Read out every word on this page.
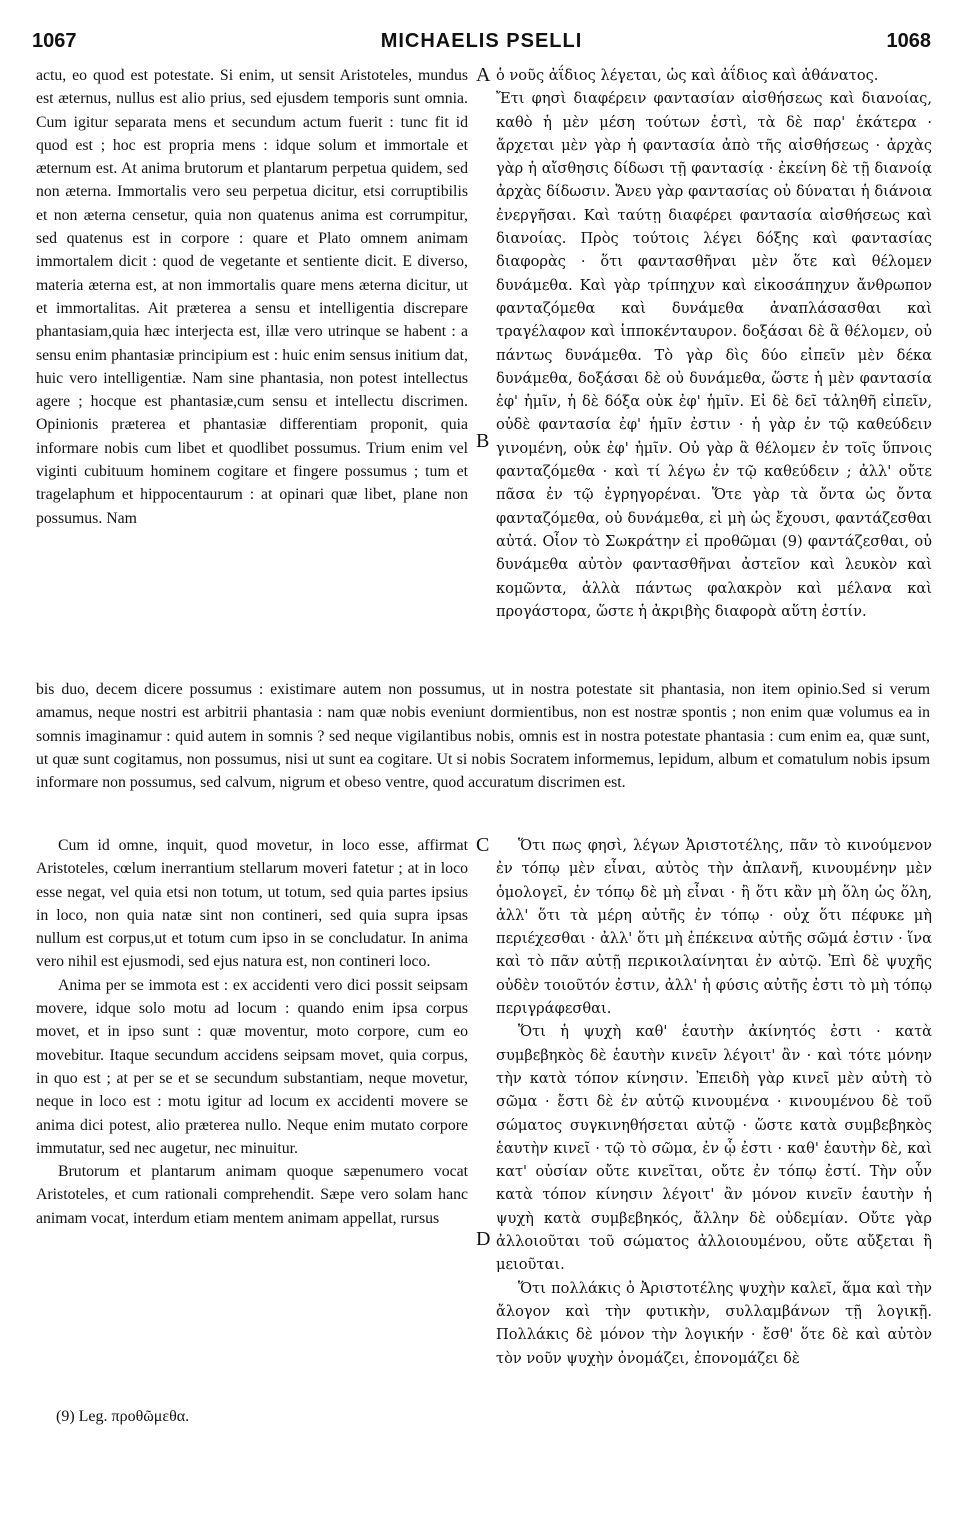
1067	MICHAELIS PSELLI	1068
A
B
C
D

actu, eo quod est potestate. Si enim, ut sensit Aristoteles, mundus est æternus, nullus est alio prius, sed ejusdem temporis sunt omnia. Cum igitur separata mens et secundum actum fuerit : tunc fit id quod est ; hoc est propria mens : idque solum et immortale et æternum est. At anima brutorum et plantarum perpetua quidem, sed non æterna. Immortalis vero seu perpetua dicitur, etsi corruptibilis et non æterna censetur, quia non quatenus anima est corrumpitur, sed quatenus est in corpore : quare et Plato omnem animam immortalem dicit : quod de vegetante et sentiente dicit. E diverso, materia æterna est, at non immortalis quare mens æterna dicitur, ut et immortalitas. Ait præterea a sensu et intelligentia discrepare phantasiam,quia hæc interjecta est, illæ vero utrinque se habent : a sensu enim phantasiæ principium est : huic enim sensus initium dat, huic vero intelligentiæ. Nam sine phantasia, non potest intellectus agere ; hocque est phantasiæ,cum sensu et intellectu discrimen. Opinionis præterea et phantasiæ differentiam proponit, quia informare nobis cum libet et quodlibet possumus. Trium enim vel viginti cubituum hominem cogitare et fingere possumus ; tum et tragelaphum et hippocentaurum : at opinari quæ libet, plane non possumus. Nam

ὁ νοῦς ἀΐδιος λέγεται, ὡς καὶ ἀΐδιος καὶ ἀθάνατος.

Ἔτι φησὶ διαφέρειν φαντασίαν αἰσθήσεως καὶ διανοίας, καθὸ ἡ μὲν μέση τούτων ἐστὶ, τὰ δὲ παρ' ἑκάτερα · ἄρχεται μὲν γὰρ ἡ φαντασία ἀπὸ τῆς αἰσθήσεως · ἀρχὰς γὰρ ἡ αἴσθησις δίδωσι τῇ φαντασίᾳ · ἐκείνη δὲ τῇ διανοίᾳ ἀρχὰς δίδωσιν. Ἄνευ γὰρ φαντασίας οὐ δύναται ἡ διάνοια ἐνεργῆσαι. Καὶ ταύτῃ διαφέρει φαντασία αἰσθήσεως καὶ διανοίας. Πρὸς τούτοις λέγει δόξης καὶ φαντασίας διαφορὰς · ὅτι φαντασθῆναι μὲν ὅτε καὶ θέλομεν δυνάμεθα. Καὶ γὰρ τρίπηχυν καὶ εἰκοσάπηχυν ἄνθρωπον φανταζόμεθα καὶ δυνάμεθα ἀναπλάσασθαι καὶ τραγέλαφον καὶ ἱπποκένταυρον. δοξάσαι δὲ ἃ θέλομεν, οὐ πάντως δυνάμεθα. Τὸ γὰρ δὶς δύο εἰπεῖν μὲν δέκα δυνάμεθα, δοξάσαι δὲ οὐ δυνάμεθα, ὥστε ἡ μὲν φαντασία ἐφ' ἡμῖν, ἡ δὲ δόξα οὐκ ἐφ' ἡμῖν. Εἰ δὲ δεῖ τἀληθῆ εἰπεῖν, οὐδὲ φαντασία ἐφ' ἡμῖν ἐστιν · ἡ γὰρ ἐν τῷ καθεύδειν γινομένη, οὐκ ἐφ' ἡμῖν. Οὐ γὰρ ἃ θέλομεν ἐν τοῖς ὕπνοις φανταζόμεθα · καὶ τί λέγω ἐν τῷ καθεύδειν ; ἀλλ' οὔτε πᾶσα ἐν τῷ ἐγρηγορέναι. Ὅτε γὰρ τὰ ὄντα ὡς ὄντα φανταζόμεθα, οὐ δυνάμεθα, εἰ μὴ ὡς ἔχουσι, φαντάζεσθαι αὐτά. Οἷον τὸ Σωκράτην εἰ προθῶμαι (9) φαντάζεσθαι, οὐ δυνάμεθα αὐτὸν φαντασθῆναι ἀστεῖον καὶ λευκὸν καὶ κομῶντα, ἀλλὰ πάντως φαλακρὸν καὶ μέλανα καὶ προγάστορα, ὥστε ἡ ἀκριβὴς διαφορὰ αὕτη ἐστίν.

bis duo, decem dicere possumus : existimare autem non possumus, ut in nostra potestate sit phantasia, non item opinio.Sed si verum amamus, neque nostri est arbitrii phantasia : nam quæ nobis eveniunt dormientibus, non est nostræ spontis ; non enim quæ volumus ea in somnis imaginamur : quid autem in somnis ? sed neque vigilantibus nobis, omnis est in nostra potestate phantasia : cum enim ea, quæ sunt, ut quæ sunt cogitamus, non possumus, nisi ut sunt ea cogitare. Ut si nobis Socratem informemus, lepidum, album et comatulum nobis ipsum informare non possumus, sed calvum, nigrum et obeso ventre, quod accuratum discrimen est.

Cum id omne, inquit, quod movetur, in loco esse, affirmat Aristoteles, cœlum inerrantium stellarum moveri fatetur ; at in loco esse negat, vel quia etsi non totum, ut totum, sed quia partes ipsius in loco, non quia natæ sint non contineri, sed quia supra ipsas nullum est corpus,ut et totum cum ipso in se concludatur. In anima vero nihil est ejusmodi, sed ejus natura est, non contineri loco.

Anima per se immota est : ex accidenti vero dici possit seipsam movere, idque solo motu ad locum : quando enim ipsa corpus movet, et in ipso sunt : quæ moventur, moto corpore, cum eo movebitur. Itaque secundum accidens seipsam movet, quia corpus, in quo est ; at per se et se secundum substantiam, neque movetur, neque in loco est : motu igitur ad locum ex accidenti movere se anima dici potest, alio præterea nullo. Neque enim mutato corpore immutatur, sed nec augetur, nec minuitur.

Brutorum et plantarum animam quoque sæpenumero vocat Aristoteles, et cum rationali comprehendit. Sæpe vero solam hanc animam vocat, interdum etiam mentem animam appellat, rursus

Ὅτι πως φησὶ, λέγων Ἀριστοτέλης, πᾶν τὸ κινούμενον ἐν τόπῳ μὲν εἶναι, αὐτὸς τὴν ἀπλανῆ, κινουμένην μὲν ὁμολογεῖ, ἐν τόπῳ δὲ μὴ εἶναι · ἢ ὅτι κἂν μὴ ὅλη ὡς ὅλη, ἀλλ' ὅτι τὰ μέρη αὐτῆς ἐν τόπῳ · οὐχ ὅτι πέφυκε μὴ περιέχεσθαι · ἀλλ' ὅτι μὴ ἐπέκεινα αὐτῆς σῶμά ἐστιν · ἵνα καὶ τὸ πᾶν αὐτῇ περικοιλαίνηται ἐν αὐτῷ. Ἐπὶ δὲ ψυχῆς οὐδὲν τοιοῦτόν ἐστιν, ἀλλ' ἡ φύσις αὐτῆς ἐστι τὸ μὴ τόπῳ περιγράφεσθαι.

Ὅτι ἡ ψυχὴ καθ' ἑαυτὴν ἀκίνητός ἐστι · κατὰ συμβεβηκὸς δὲ ἑαυτὴν κινεῖν λέγοιτ' ἂν · καὶ τότε μόνην τὴν κατὰ τόπον κίνησιν. Ἐπειδὴ γὰρ κινεῖ μὲν αὐτὴ τὸ σῶμα · ἔστι δὲ ἐν αὐτῷ κινουμένα · κινουμένου δὲ τοῦ σώματος συγκινηθήσεται αὐτῷ · ὥστε κατὰ συμβεβηκὸς ἑαυτὴν κινεῖ · τῷ τὸ σῶμα, ἐν ᾧ ἐστι · καθ' ἑαυτὴν δὲ, καὶ κατ' οὐσίαν οὔτε κινεῖται, οὔτε ἐν τόπῳ ἐστί. Τὴν οὖν κατὰ τόπον κίνησιν λέγοιτ' ἂν μόνον κινεῖν ἑαυτὴν ἡ ψυχὴ κατὰ συμβεβηκός, ἄλλην δὲ οὐδεμίαν. Οὔτε γὰρ ἀλλοιοῦται τοῦ σώματος ἀλλοιουμένου, οὔτε αὔξεται ἢ μειοῦται.

Ὅτι πολλάκις ὁ Ἀριστοτέλης ψυχὴν καλεῖ, ἅμα καὶ τὴν ἄλογον καὶ τὴν φυτικὴν, συλλαμβάνων τῇ λογικῇ. Πολλάκις δὲ μόνον τὴν λογικήν · ἔσθ' ὅτε δὲ καὶ αὐτὸν τὸν νοῦν ψυχὴν ὀνομάζει, ἐπονομάζει δὲ

(9) Leg. προθῶμεθα.
